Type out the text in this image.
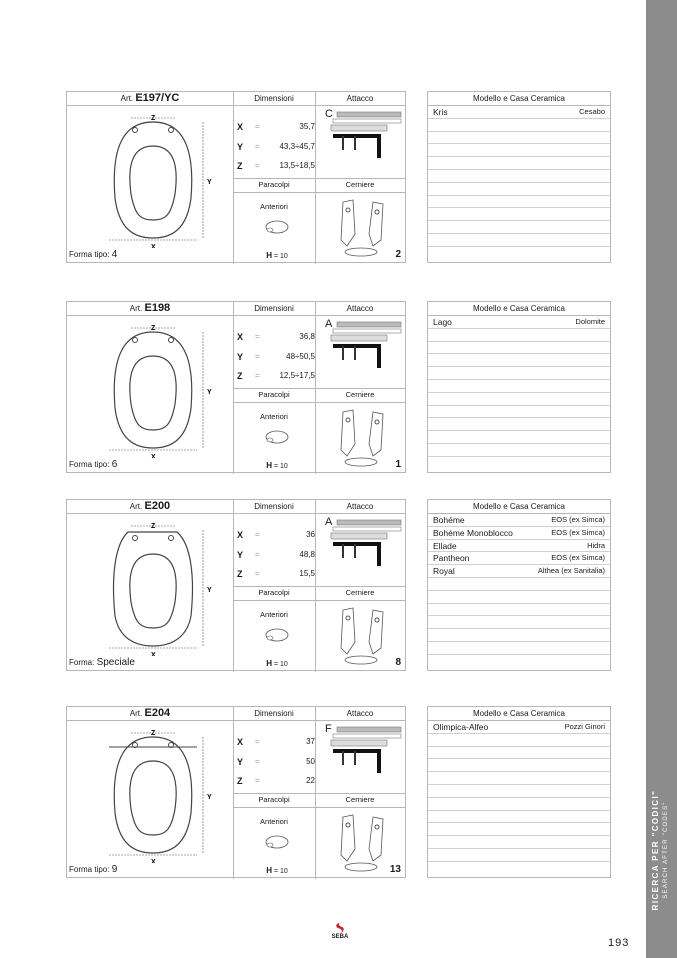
RICERCA PER "CODICI" SEARCH AFTER "CODES"
Art. E197/YC	Dimensioni	Attacco
Paracolpi	Cerniere
Anteriori
X =	35,7
Y = 43,3÷45,7
Z = 13,5÷18,5
C
2
H = 10
Forma tipo: 4
Z
X
Y
Modello e Casa Ceramica
Kris	Cesabo
Art. E198	Dimensioni	Attacco
Paracolpi	Cerniere
Anteriori
X =	36,8
Y =	48÷50,5
Z = 12,5÷17,5
A
1
H = 10
Forma tipo: 6
Z
X
Y
Modello e Casa Ceramica
Lago	Dolomite
Art. E200	Dimensioni	Attacco
Paracolpi	Cerniere
Anteriori
X =	36
Y =	48,8
Z =	15,5
A
8
H = 10
Forma: Speciale
Z
X
Y
Modello e Casa Ceramica
Bohéme	EOS (ex Simca)
Bohéme Monoblocco	EOS (ex Simca)
Ellade	Hidra
Pantheon	EOS (ex Simca)
Royal	Althea (ex Sanitalia)
Art. E204	Dimensioni	Attacco
Paracolpi	Cerniere
Anteriori
X =	37
Y =	50
Z =	22
F
13
H = 10
Forma tipo: 9
Z
X
Y
Modello e Casa Ceramica
Olimpica-Alfeo	Pozzi Ginori
SEBA	193
